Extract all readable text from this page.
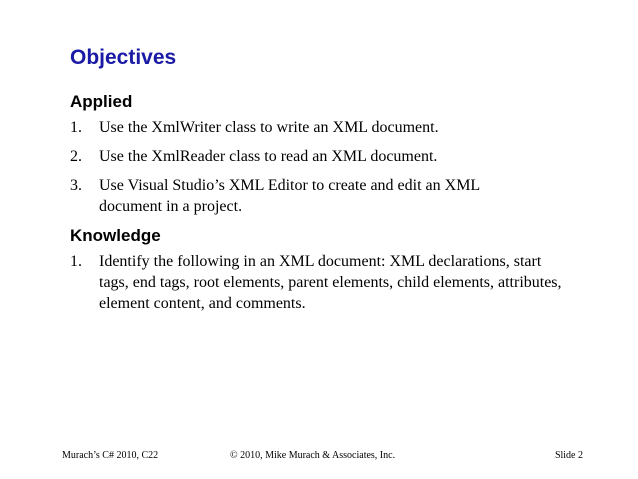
Objectives
Applied
1.	Use the XmlWriter class to write an XML document.
2.	Use the XmlReader class to read an XML document.
3.	Use Visual Studio’s XML Editor to create and edit an XML document in a project.
Knowledge
1.	Identify the following in an XML document: XML declarations, start tags, end tags, root elements, parent elements, child elements, attributes, element content, and comments.
Murach’s C# 2010, C22	© 2010, Mike Murach & Associates, Inc.	Slide 2
